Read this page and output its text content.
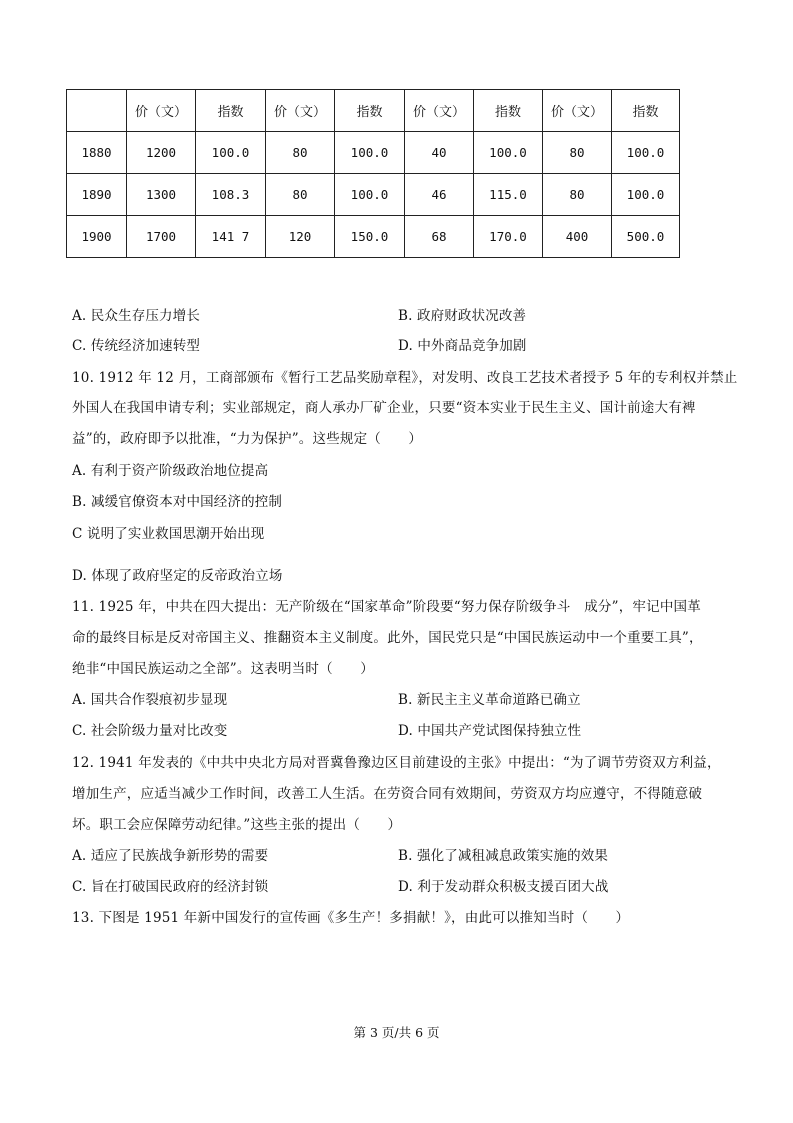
	价（文）	指数	价（文）	指数	价（文）	指数	价（文）	指数
1880	1200	100.0	80	100.0	40	100.0	80	100.0
1890	1300	108.3	80	100.0	46	115.0	80	100.0
1900	1700	141 7	120	150.0	68	170.0	400	500.0
A. 民众生存压力增长	B. 政府财政状况改善
C. 传统经济加速转型	D. 中外商品竞争加剧
10. 1912 年 12 月，工商部颁布《暂行工艺品奖励章程》，对发明、改良工艺技术者授予 5 年的专利权并禁止
外国人在我国申请专利；实业部规定，商人承办厂矿企业，只要“资本实业于民生主义、国计前途大有裨
益”的，政府即予以批准，“力为保护”。这些规定（　　）
A. 有利于资产阶级政治地位提高
B. 减缓官僚资本对中国经济的控制
C 说明了实业救国思潮开始出现
D. 体现了政府坚定的反帝政治立场
11. 1925 年，中共在四大提出：无产阶级在“国家革命”阶段要“努力保存阶级争斗　成分”，牢记中国革
命的最终目标是反对帝国主义、推翻资本主义制度。此外，国民党只是“中国民族运动中一个重要工具”，
绝非“中国民族运动之全部”。这表明当时（　　）
A. 国共合作裂痕初步显现	B. 新民主主义革命道路已确立
C. 社会阶级力量对比改变	D. 中国共产党试图保持独立性
12. 1941 年发表的《中共中央北方局对晋冀鲁豫边区目前建设的主张》中提出：“为了调节劳资双方利益，
增加生产，应适当减少工作时间，改善工人生活。在劳资合同有效期间，劳资双方均应遵守，不得随意破
坏。职工会应保障劳动纪律。”这些主张的提出（　　）
A. 适应了民族战争新形势的需要	B. 强化了减租减息政策实施的效果
C. 旨在打破国民政府的经济封锁	D. 利于发动群众积极支援百团大战
13. 下图是 1951 年新中国发行的宣传画《多生产！多捐献！》，由此可以推知当时（　　）
第 3 页/共 6 页
